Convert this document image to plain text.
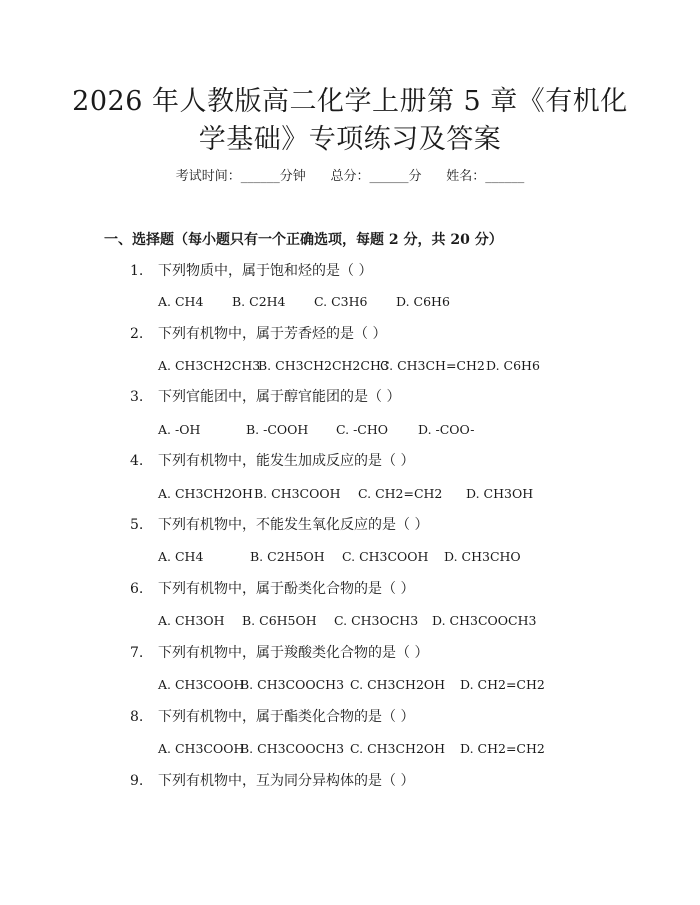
2026 年人教版高二化学上册第 5 章《有机化
学基础》专项练习及答案
考试时间：______分钟      总分：______分      姓名：______
一、选择题（每小题只有一个正确选项，每题 2 分，共 20 分）
1. 下列物质中，属于饱和烃的是（ ）
A. CH4 B. C2H4 C. C3H6 D. C6H6
2. 下列有机物中，属于芳香烃的是（ ）
A. CH3CH2CH3B. CH3CH2CH2CH3C. CH3CH=CH2D. C6H6
3. 下列官能团中，属于醇官能团的是（ ）
A. -OH	B. -COOH C. -CHO D. -COO-
4. 下列有机物中，能发生加成反应的是（ ）
A. CH3CH2OHB. CH3COOH C. CH2=CH2 D. CH3OH
5. 下列有机物中，不能发生氧化反应的是（ ）
A. CH4	B. C2H5OH C. CH3COOH D. CH3CHO
6. 下列有机物中，属于酚类化合物的是（ ）
A. CH3OH B. C6H5OH C. CH3OCH3 D. CH3COOCH3
7. 下列有机物中，属于羧酸类化合物的是（ ）
A. CH3COOHB. CH3COOCH3 C. CH3CH2OH D. CH2=CH2
8. 下列有机物中，属于酯类化合物的是（ ）
A. CH3COOHB. CH3COOCH3 C. CH3CH2OH D. CH2=CH2
9. 下列有机物中，互为同分异构体的是（ ）
